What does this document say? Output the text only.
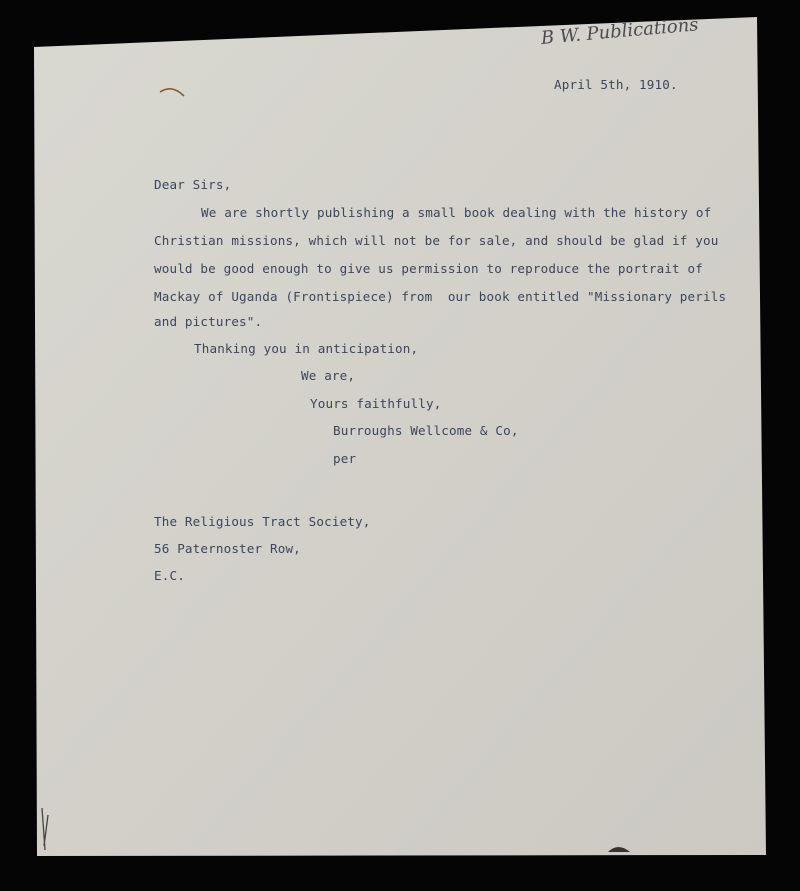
B W. Publications
April 5th, 1910.
Dear Sirs,
We are shortly publishing a small book dealing with the history of
Christian missions, which will not be for sale, and should be glad if you
would be good enough to give us permission to reproduce the portrait of
Mackay of Uganda (Frontispiece) from  our book entitled "Missionary perils
and pictures".
Thanking you in anticipation,
We are,
Yours faithfully,
Burroughs Wellcome & Co,
per
The Religious Tract Society,
56 Paternoster Row,
E.C.
